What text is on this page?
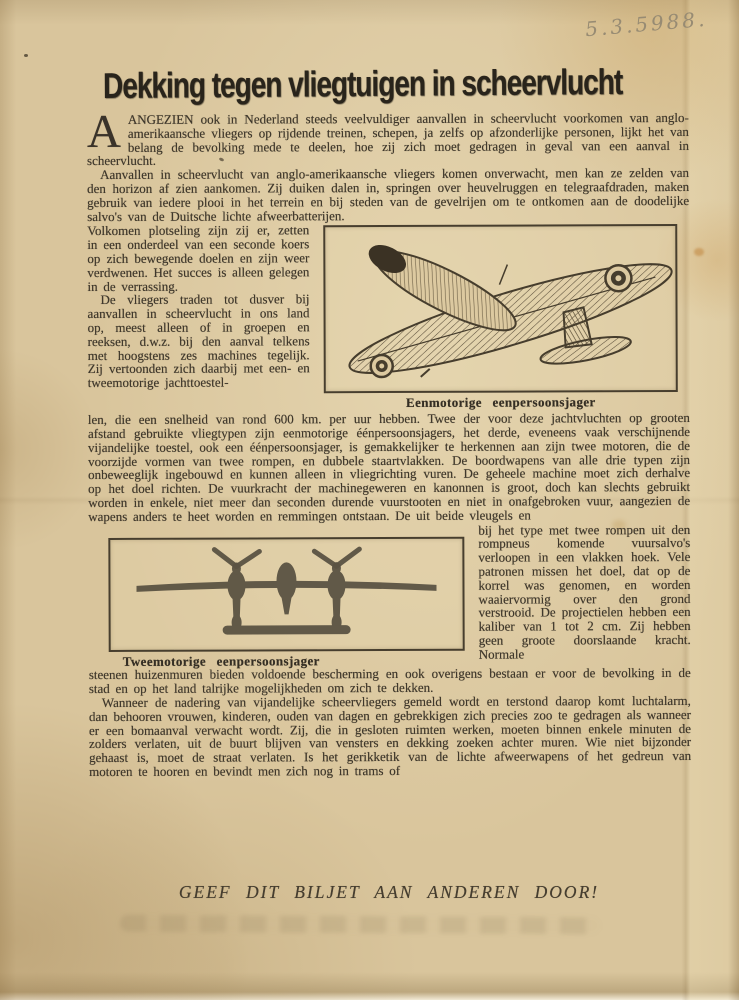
5.3.5988.
Dekking tegen vliegtuigen in scheervlucht

AANGEZIEN ook in Nederland steeds veelvuldiger aanvallen in scheervlucht voorkomen van anglo-amerikaansche vliegers op rijdende treinen, schepen, ja zelfs op afzonderlijke personen, lijkt het van belang de bevolking mede te deelen, hoe zij zich moet gedragen in geval van een aanval in scheervlucht.

Aanvallen in scheervlucht van anglo-amerikaansche vliegers komen onverwacht, men kan ze zelden van den horizon af zien aankomen. Zij duiken dalen in, springen over heuvelruggen en telegraafdraden, maken gebruik van iedere plooi in het terrein en bij steden van de gevelrijen om te ontkomen aan de doodelijke salvo's van de Duitsche lichte afweerbatterijen.

Volkomen plotseling zijn zij er, zetten in een onderdeel van een seconde koers op zich bewegende doelen en zijn weer verdwenen. Het succes is alleen gelegen in de verrassing.

De vliegers traden tot dusver bij aanvallen in scheervlucht in ons land op, meest alleen of in groepen en reeksen, d.w.z. bij den aanval telkens met hoogstens zes machines tegelijk. Zij vertoonden zich daarbij met een- en tweemotorige jachttoestel-

Eenmotorige eenpersoonsjager

len, die een snelheid van rond 600 km. per uur hebben. Twee der voor deze jachtvluchten op grooten afstand gebruikte vliegtypen zijn eenmotorige éénpersoonsjagers, het derde, eveneens vaak verschijnende vijandelijke toestel, ook een éénpersoonsjager, is gemakkelijker te herkennen aan zijn twee motoren, die de voorzijde vormen van twee rompen, en dubbele staartvlakken. De boordwapens van alle drie typen zijn onbeweeglijk ingebouwd en kunnen alleen in vliegrichting vuren. De geheele machine moet zich derhalve op het doel richten. De vuurkracht der machinegeweren en kanonnen is groot, doch kan slechts gebruikt worden in enkele, niet meer dan seconden durende vuurstooten en niet in onafgebroken vuur, aangezien de wapens anders te heet worden en remmingen ontstaan. De uit beide vleugels en

Tweemotorige eenpersoonsjager

bij het type met twee rompen uit den rompneus komende vuursalvo's verloopen in een vlakken hoek. Vele patronen missen het doel, dat op de korrel was genomen, en worden waaiervormig over den grond verstrooid. De projectielen hebben een kaliber van 1 tot 2 cm. Zij hebben geen groote doorslaande kracht. Normale

steenen huizenmuren bieden voldoende bescherming en ook overigens bestaan er voor de bevolking in de stad en op het land talrijke mogelijkheden om zich te dekken.

Wanneer de nadering van vijandelijke scheervliegers gemeld wordt en terstond daarop komt luchtalarm, dan behooren vrouwen, kinderen, ouden van dagen en gebrekkigen zich precies zoo te gedragen als wanneer er een bomaanval verwacht wordt. Zij, die in gesloten ruimten werken, moeten binnen enkele minuten de zolders verlaten, uit de buurt blijven van vensters en dekking zoeken achter muren. Wie niet bijzonder gehaast is, moet de straat verlaten. Is het gerikketik van de lichte afweerwapens of het gedreun van motoren te hooren en bevindt men zich nog in trams of

GEEF DIT BILJET AAN ANDEREN DOOR!
